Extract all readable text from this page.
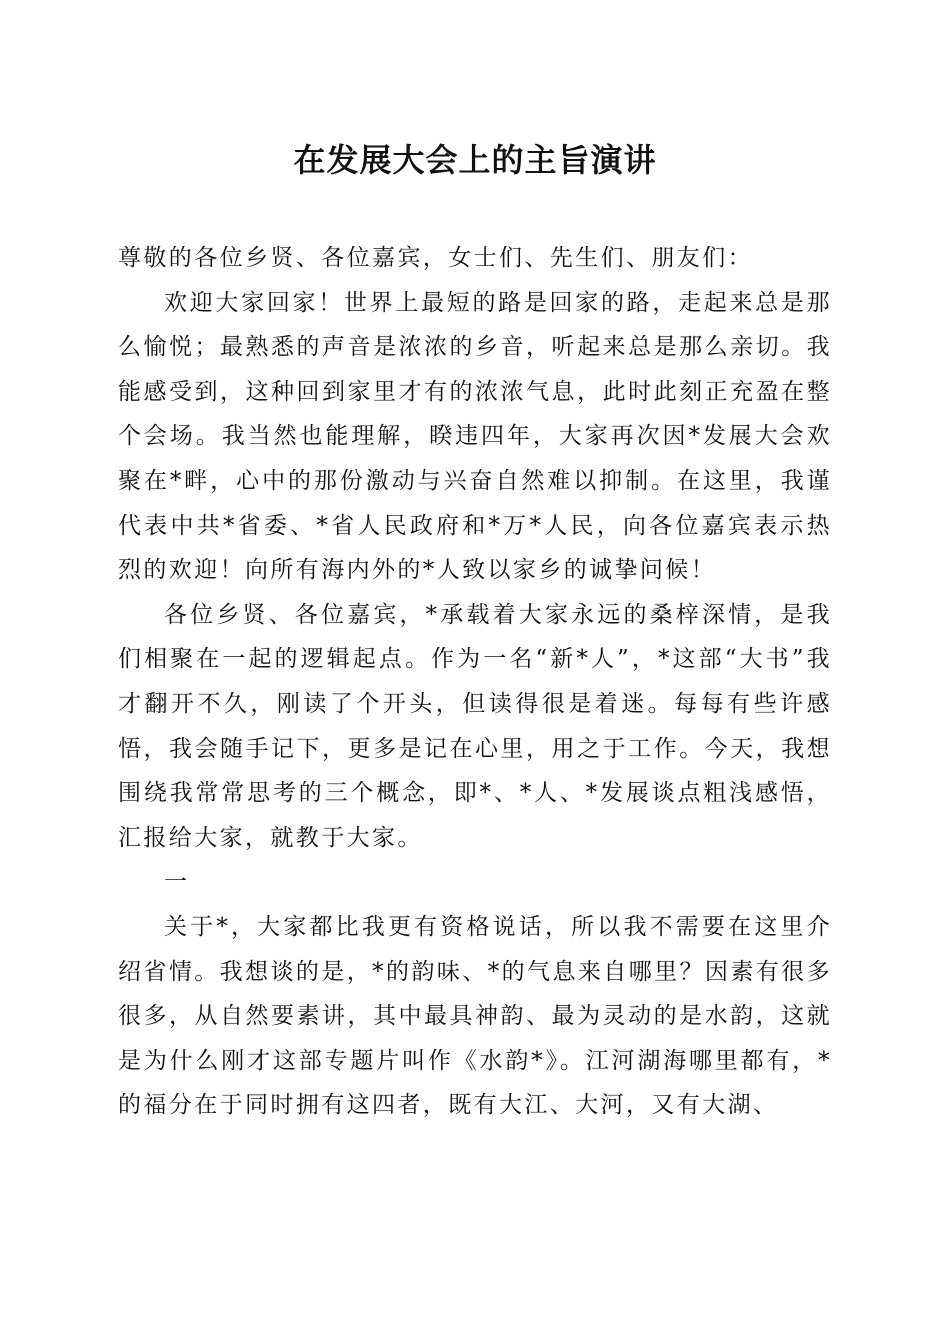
在发展大会上的主旨演讲

尊敬的各位乡贤、各位嘉宾，女士们、先生们、朋友们：

欢迎大家回家！世界上最短的路是回家的路，走起来总是那么愉悦；最熟悉的声音是浓浓的乡音，听起来总是那么亲切。我能感受到，这种回到家里才有的浓浓气息，此时此刻正充盈在整个会场。我当然也能理解，睽违四年，大家再次因*发展大会欢聚在*畔，心中的那份激动与兴奋自然难以抑制。在这里，我谨代表中共*省委、*省人民政府和*万*人民，向各位嘉宾表示热烈的欢迎！向所有海内外的*人致以家乡的诚挚问候！

各位乡贤、各位嘉宾，*承载着大家永远的桑梓深情，是我们相聚在一起的逻辑起点。作为一名“新*人”，*这部“大书”我才翻开不久，刚读了个开头，但读得很是着迷。每每有些许感悟，我会随手记下，更多是记在心里，用之于工作。今天，我想围绕我常常思考的三个概念，即*、*人、*发展谈点粗浅感悟，汇报给大家，就教于大家。

一

关于*，大家都比我更有资格说话，所以我不需要在这里介绍省情。我想谈的是，*的韵味、*的气息来自哪里？因素有很多很多，从自然要素讲，其中最具神韵、最为灵动的是水韵，这就是为什么刚才这部专题片叫作《水韵*》。江河湖海哪里都有，*的福分在于同时拥有这四者，既有大江、大河，又有大湖、
